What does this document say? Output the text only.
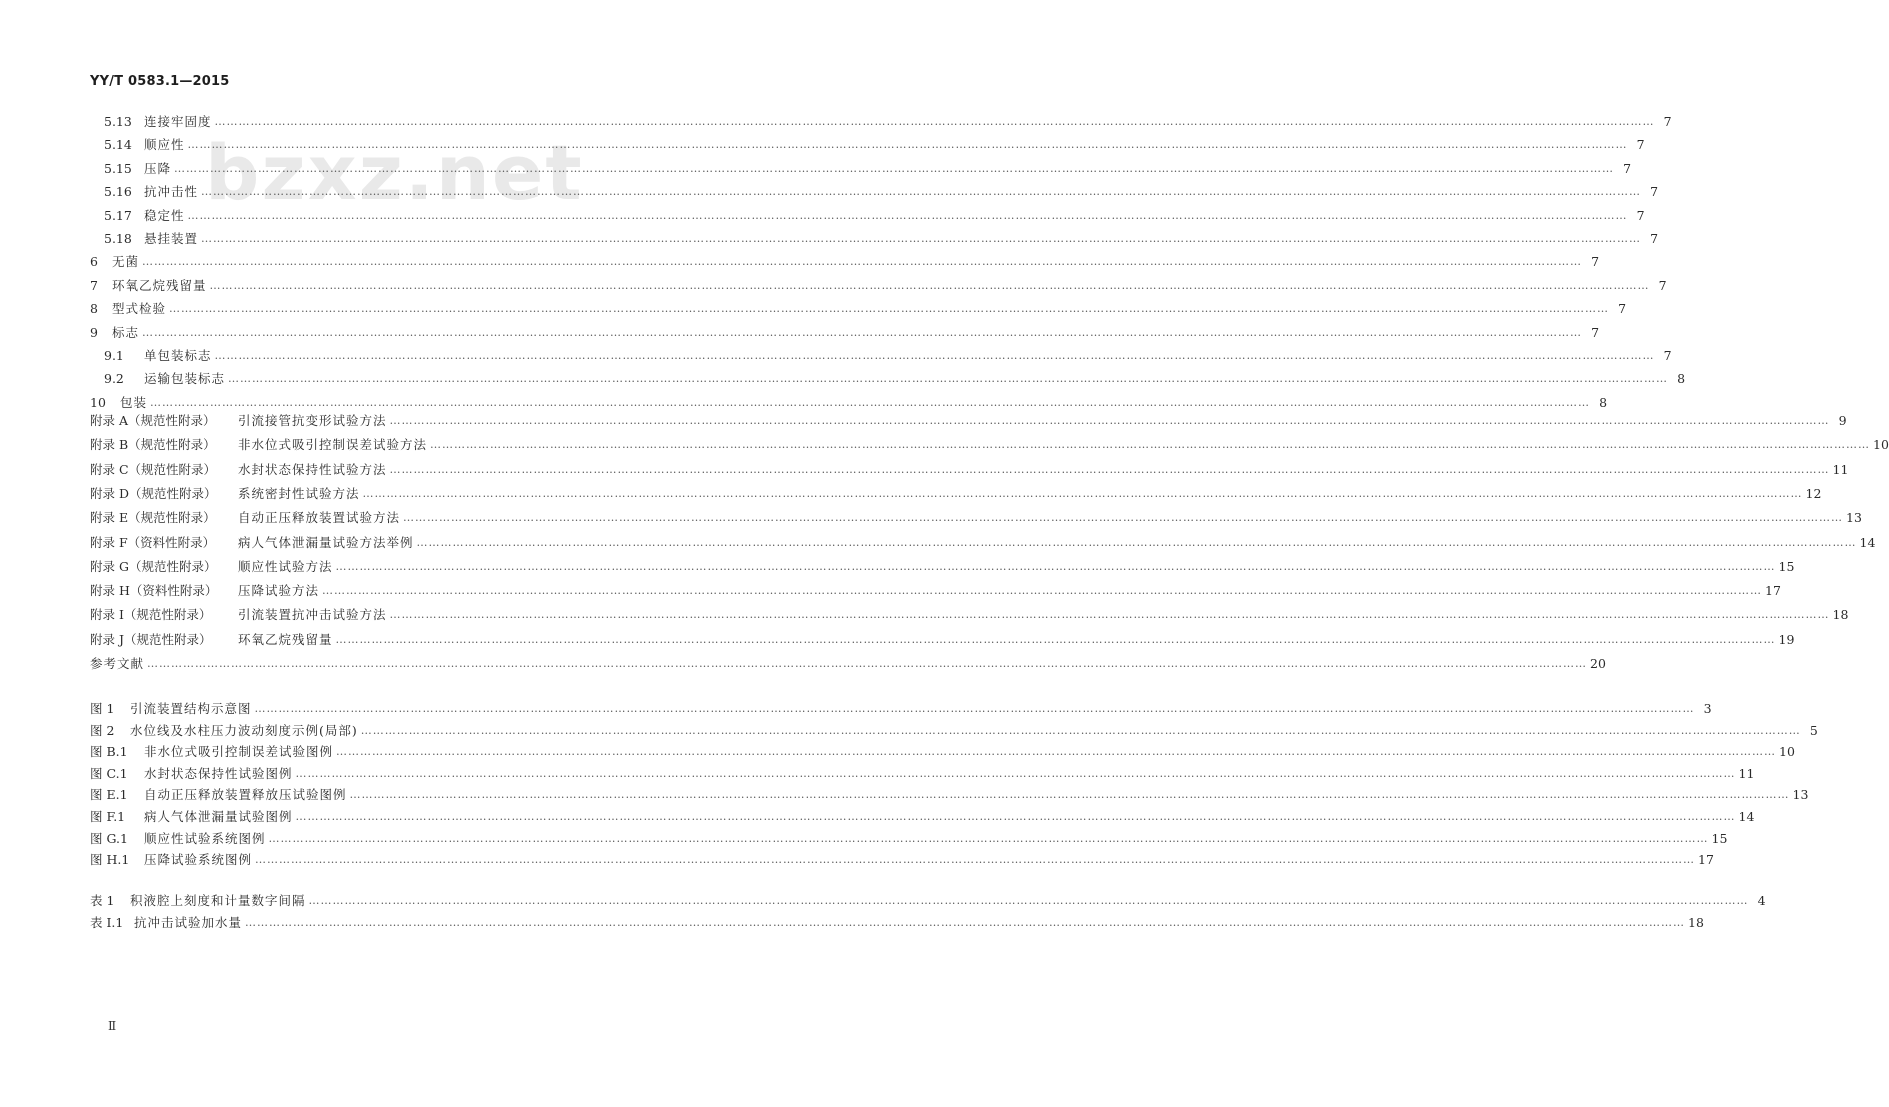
YY/T 0583.1—2015
bzxz.net
5.13 连接牢固度 ……………………………………………………………………………………………………………………………………………………………………………………………………………………………………………………………………………………………………………………………… 7
5.14 顺应性 ……………………………………………………………………………………………………………………………………………………………………………………………………………………………………………………………………………………………………………………………… 7
5.15 压降 ……………………………………………………………………………………………………………………………………………………………………………………………………………………………………………………………………………………………………………………………… 7
5.16 抗冲击性 ……………………………………………………………………………………………………………………………………………………………………………………………………………………………………………………………………………………………………………………………… 7
5.17 稳定性 ……………………………………………………………………………………………………………………………………………………………………………………………………………………………………………………………………………………………………………………………… 7
5.18 悬挂装置 ……………………………………………………………………………………………………………………………………………………………………………………………………………………………………………………………………………………………………………………………… 7
6	无菌 ……………………………………………………………………………………………………………………………………………………………………………………………………………………………………………………………………………………………………………………………… 7
7	环氧乙烷残留量 ……………………………………………………………………………………………………………………………………………………………………………………………………………………………………………………………………………………………………………………………… 7
8	型式检验 ……………………………………………………………………………………………………………………………………………………………………………………………………………………………………………………………………………………………………………………………… 7
9	标志 ……………………………………………………………………………………………………………………………………………………………………………………………………………………………………………………………………………………………………………………………… 7
9.1	单包装标志 ……………………………………………………………………………………………………………………………………………………………………………………………………………………………………………………………………………………………………………………………… 7
9.2	运输包装标志 ……………………………………………………………………………………………………………………………………………………………………………………………………………………………………………………………………………………………………………………………… 8
10	包装 ……………………………………………………………………………………………………………………………………………………………………………………………………………………………………………………………………………………………………………………………… 8
附录 A（规范性附录）	引流接管抗变形试验方法 ……………………………………………………………………………………………………………………………………………………………………………………………………………………………………………………………………………………………………………………………… 9
附录 B（规范性附录）	非水位式吸引控制误差试验方法 ……………………………………………………………………………………………………………………………………………………………………………………………………………………………………………………………………………………………………………………………… 10
附录 C（规范性附录）	水封状态保持性试验方法 ……………………………………………………………………………………………………………………………………………………………………………………………………………………………………………………………………………………………………………………………… 11
附录 D（规范性附录）	系统密封性试验方法 ……………………………………………………………………………………………………………………………………………………………………………………………………………………………………………………………………………………………………………………………… 12
附录 E（规范性附录）	自动正压释放装置试验方法 ……………………………………………………………………………………………………………………………………………………………………………………………………………………………………………………………………………………………………………………………… 13
附录 F（资料性附录）	病人气体泄漏量试验方法举例 ……………………………………………………………………………………………………………………………………………………………………………………………………………………………………………………………………………………………………………………………… 14
附录 G（规范性附录）	顺应性试验方法 ……………………………………………………………………………………………………………………………………………………………………………………………………………………………………………………………………………………………………………………………… 15
附录 H（资料性附录）	压降试验方法 ……………………………………………………………………………………………………………………………………………………………………………………………………………………………………………………………………………………………………………………………… 17
附录 I（规范性附录）	引流装置抗冲击试验方法 ……………………………………………………………………………………………………………………………………………………………………………………………………………………………………………………………………………………………………………………………… 18
附录 J（规范性附录）	环氧乙烷残留量 ……………………………………………………………………………………………………………………………………………………………………………………………………………………………………………………………………………………………………………………………… 19
参考文献 ……………………………………………………………………………………………………………………………………………………………………………………………………………………………………………………………………………………………………………………………… 20
图 1	引流装置结构示意图 ……………………………………………………………………………………………………………………………………………………………………………………………………………………………………………………………………………………………………………………………… 3
图 2	水位线及水柱压力波动刻度示例(局部) ……………………………………………………………………………………………………………………………………………………………………………………………………………………………………………………………………………………………………………………………… 5
图 B.1	非水位式吸引控制误差试验图例 ……………………………………………………………………………………………………………………………………………………………………………………………………………………………………………………………………………………………………………………………… 10
图 C.1	水封状态保持性试验图例 ……………………………………………………………………………………………………………………………………………………………………………………………………………………………………………………………………………………………………………………………… 11
图 E.1	自动正压释放装置释放压试验图例 ……………………………………………………………………………………………………………………………………………………………………………………………………………………………………………………………………………………………………………………………… 13
图 F.1	病人气体泄漏量试验图例 ……………………………………………………………………………………………………………………………………………………………………………………………………………………………………………………………………………………………………………………………… 14
图 G.1	顺应性试验系统图例 ……………………………………………………………………………………………………………………………………………………………………………………………………………………………………………………………………………………………………………………………… 15
图 H.1	压降试验系统图例 ……………………………………………………………………………………………………………………………………………………………………………………………………………………………………………………………………………………………………………………………… 17
表 1	积液腔上刻度和计量数字间隔 ……………………………………………………………………………………………………………………………………………………………………………………………………………………………………………………………………………………………………………………………… 4
表 I.1 抗冲击试验加水量 ……………………………………………………………………………………………………………………………………………………………………………………………………………………………………………………………………………………………………………………………… 18
Ⅱ
